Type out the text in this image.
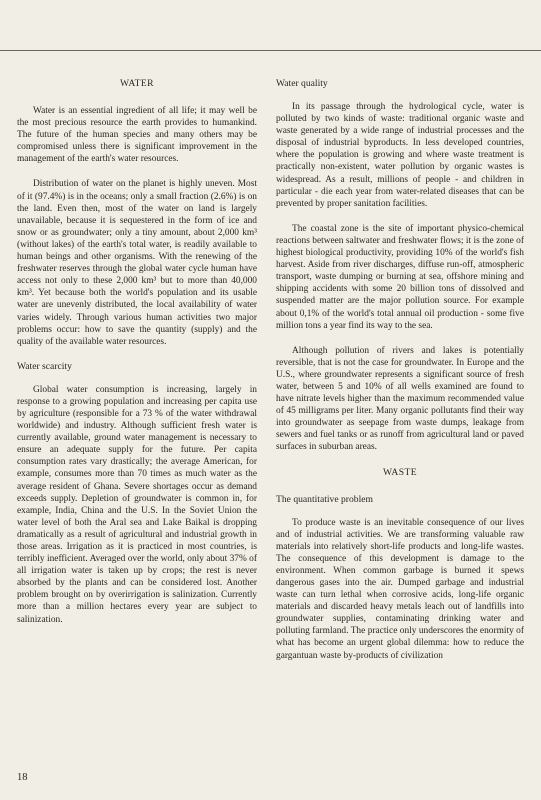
WATER

Water is an essential ingredient of all life; it may well be the most precious resource the earth provides to humankind. The future of the human species and many others may be compromised unless there is significant improvement in the management of the earth's water resources.

Distribution of water on the planet is highly uneven. Most of it (97.4%) is in the oceans; only a small fraction (2.6%) is on the land. Even then, most of the water on land is largely unavailable, because it is sequestered in the form of ice and snow or as groundwater; only a tiny amount, about 2,000 km³ (without lakes) of the earth's total water, is readily available to human beings and other organisms. With the renewing of the freshwater reserves through the global water cycle human have access not only to these 2,000 km³ but to more than 40,000 km³. Yet because both the world's population and its usable water are unevenly distributed, the local availability of water varies widely. Through various human activities two major problems occur: how to save the quantity (supply) and the quality of the available water resources.

Water scarcity

Global water consumption is increasing, largely in response to a growing population and increasing per capita use by agriculture (responsible for a 73 % of the water withdrawal worldwide) and industry. Although sufficient fresh water is currently available, ground water management is necessary to ensure an adequate supply for the future. Per capita consumption rates vary drastically; the average American, for example, consumes more than 70 times as much water as the average resident of Ghana. Severe shortages occur as demand exceeds supply. Depletion of groundwater is common in, for example, India, China and the U.S. In the Soviet Union the water level of both the Aral sea and Lake Baikal is dropping dramatically as a result of agricultural and industrial growth in those areas. Irrigation as it is practiced in most countries, is terribly inefficient. Averaged over the world, only about 37% of all irrigation water is taken up by crops; the rest is never absorbed by the plants and can be considered lost. Another problem brought on by overirrigation is salinization. Currently more than a million hectares every year are subject to salinization.

Water quality

In its passage through the hydrological cycle, water is polluted by two kinds of waste: traditional organic waste and waste generated by a wide range of industrial processes and the disposal of industrial byproducts. In less developed countries, where the population is growing and where waste treatment is practically non-existent, water pollution by organic wastes is widespread. As a result, millions of people - and children in particular - die each year from water-related diseases that can be prevented by proper sanitation facilities.

The coastal zone is the site of important physico-chemical reactions between saltwater and freshwater flows; it is the zone of highest biological productivity, providing 10% of the world's fish harvest. Aside from river discharges, diffuse run-off, atmospheric transport, waste dumping or burning at sea, offshore mining and shipping accidents with some 20 billion tons of dissolved and suspended matter are the major pollution source. For example about 0,1% of the world's total annual oil production - some five million tons a year find its way to the sea.

Although pollution of rivers and lakes is potentially reversible, that is not the case for groundwater. In Europe and the U.S., where groundwater represents a significant source of fresh water, between 5 and 10% of all wells examined are found to have nitrate levels higher than the maximum recommended value of 45 milligrams per liter. Many organic pollutants find their way into groundwater as seepage from waste dumps, leakage from sewers and fuel tanks or as runoff from agricultural land or paved surfaces in suburban areas.

WASTE
The quantitative problem

To produce waste is an inevitable consequence of our lives and of industrial activities. We are transforming valuable raw materials into relatively short-life products and long-life wastes. The consequence of this development is damage to the environment. When common garbage is burned it spews dangerous gases into the air. Dumped garbage and industrial waste can turn lethal when corrosive acids, long-life organic materials and discarded heavy metals leach out of landfills into groundwater supplies, contaminating drinking water and polluting farmland. The practice only underscores the enormity of what has become an urgent global dilemma: how to reduce the gargantuan waste by-products of civilization

18
